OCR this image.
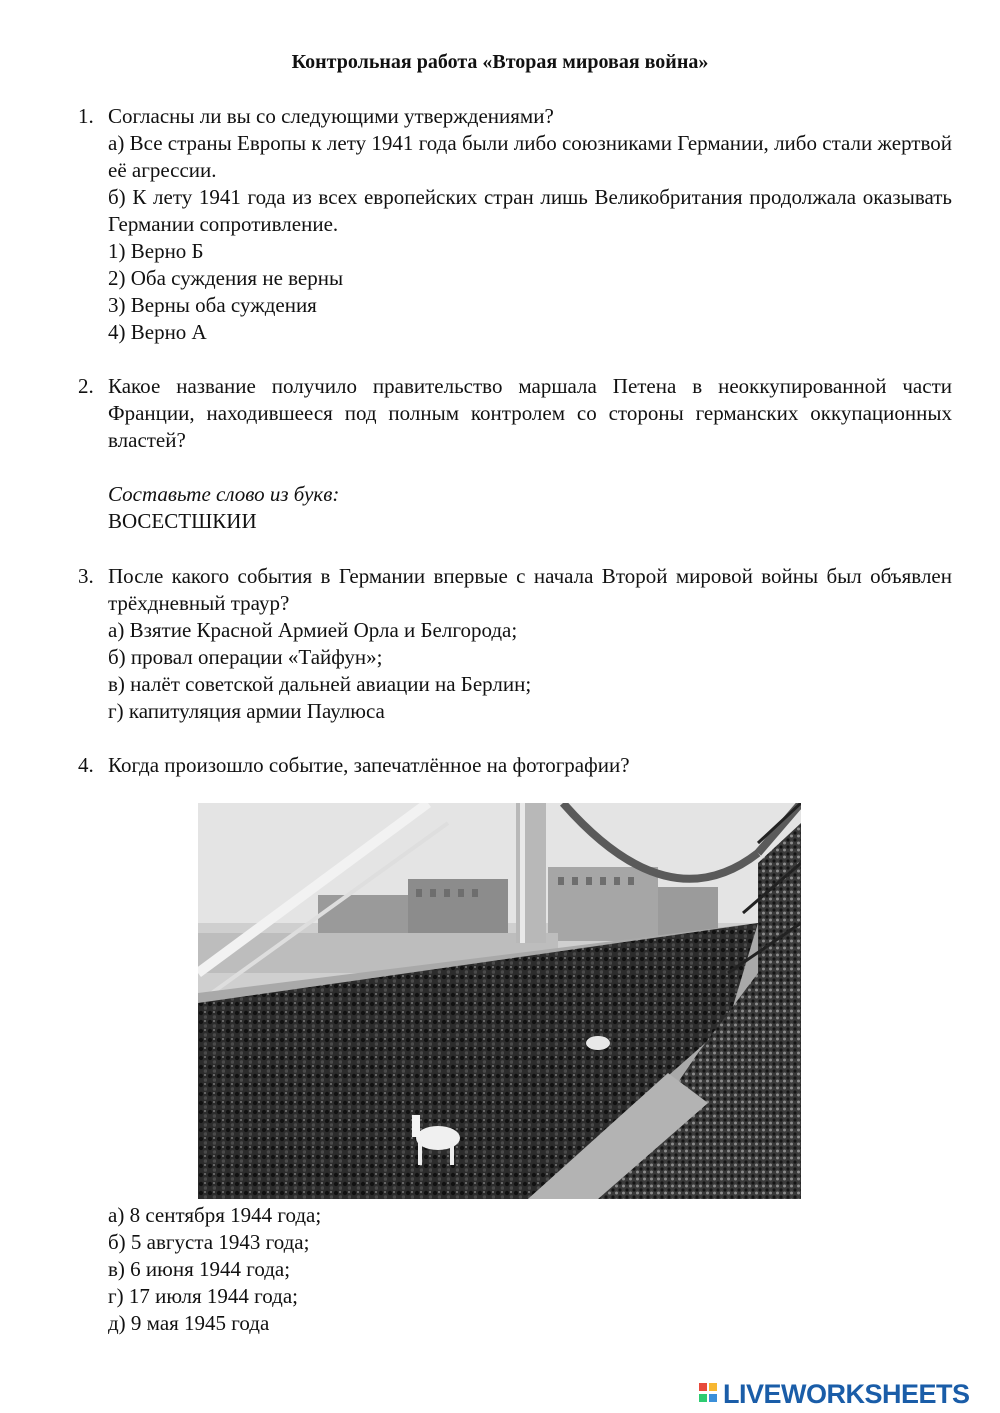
Контрольная работа «Вторая мировая война»
1. Согласны ли вы со следующими утверждениями?
а) Все страны Европы к лету 1941 года были либо союзниками Германии, либо стали жертвой её агрессии.
б) К лету 1941 года из всех европейских стран лишь Великобритания продолжала оказывать Германии сопротивление.
1) Верно Б
2) Оба суждения не верны
3) Верны оба суждения
4) Верно А
2. Какое название получило правительство маршала Петена в неоккупированной части Франции, находившееся под полным контролем со стороны германских оккупационных властей?
Составьте слово из букв:
ВОСЕСТШКИИ
3. После какого события в Германии впервые с начала Второй мировой войны был объявлен трёхдневный траур?
а) Взятие Красной Армией Орла и Белгорода;
б) провал операции «Тайфун»;
в) налёт советской дальней авиации на Берлин;
г) капитуляция армии Паулюса
4. Когда произошло событие, запечатлённое на фотографии?
а) 8 сентября 1944 года;
б) 5 августа 1943 года;
в) 6 июня 1944 года;
г) 17 июля 1944 года;
д) 9 мая 1945 года
LIVEWORKSHEETS
